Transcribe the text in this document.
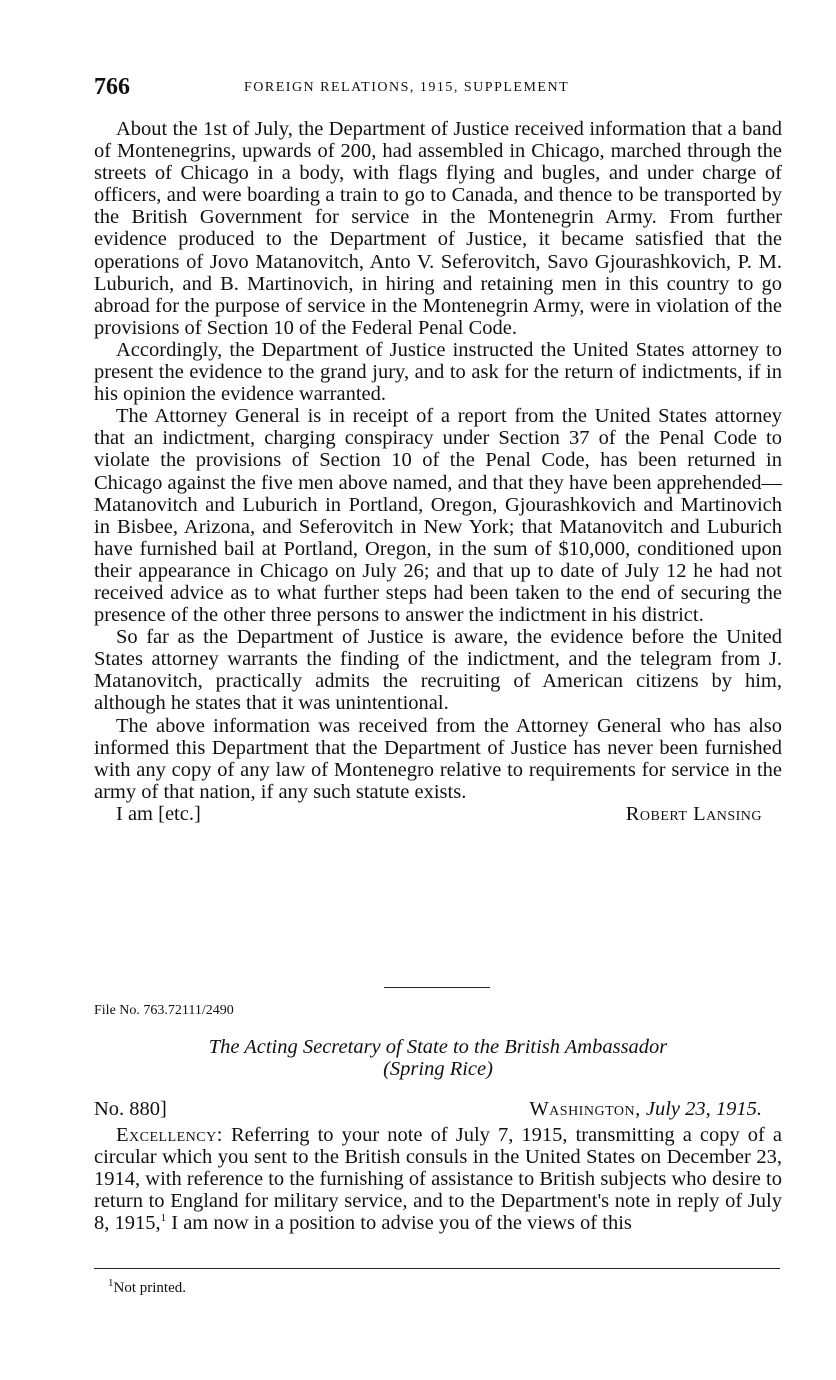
766	FOREIGN RELATIONS, 1915, SUPPLEMENT

About the 1st of July, the Department of Justice received information that a band of Montenegrins, upwards of 200, had assembled in Chicago, marched through the streets of Chicago in a body, with flags flying and bugles, and under charge of officers, and were boarding a train to go to Canada, and thence to be transported by the British Government for service in the Montenegrin Army. From further evidence produced to the Department of Justice, it became satisfied that the operations of Jovo Matanovitch, Anto V. Seferovitch, Savo Gjourashkovich, P. M. Luburich, and B. Martinovich, in hiring and retaining men in this country to go abroad for the purpose of service in the Montenegrin Army, were in violation of the provisions of Section 10 of the Federal Penal Code.

Accordingly, the Department of Justice instructed the United States attorney to present the evidence to the grand jury, and to ask for the return of indictments, if in his opinion the evidence warranted.

The Attorney General is in receipt of a report from the United States attorney that an indictment, charging conspiracy under Section 37 of the Penal Code to violate the provisions of Section 10 of the Penal Code, has been returned in Chicago against the five men above named, and that they have been apprehended—Matanovitch and Luburich in Portland, Oregon, Gjourashkovich and Martinovich in Bisbee, Arizona, and Seferovitch in New York; that Matanovitch and Luburich have furnished bail at Portland, Oregon, in the sum of $10,000, conditioned upon their appearance in Chicago on July 26; and that up to date of July 12 he had not received advice as to what further steps had been taken to the end of securing the presence of the other three persons to answer the indictment in his district.

So far as the Department of Justice is aware, the evidence before the United States attorney warrants the finding of the indictment, and the telegram from J. Matanovitch, practically admits the recruiting of American citizens by him, although he states that it was unintentional.

The above information was received from the Attorney General who has also informed this Department that the Department of Justice has never been furnished with any copy of any law of Montenegro relative to requirements for service in the army of that nation, if any such statute exists.

I am [etc.]	Robert Lansing
File No. 763.72111/2490
The Acting Secretary of State to the British Ambassador
(Spring Rice)
No. 880]	Washington, July 23, 1915.

Excellency: Referring to your note of July 7, 1915, transmitting a copy of a circular which you sent to the British consuls in the United States on December 23, 1914, with reference to the furnishing of assistance to British subjects who desire to return to England for military service, and to the Department's note in reply of July 8, 1915,$^1$ I am now in a position to advise you of the views of this

$^1$Not printed.
